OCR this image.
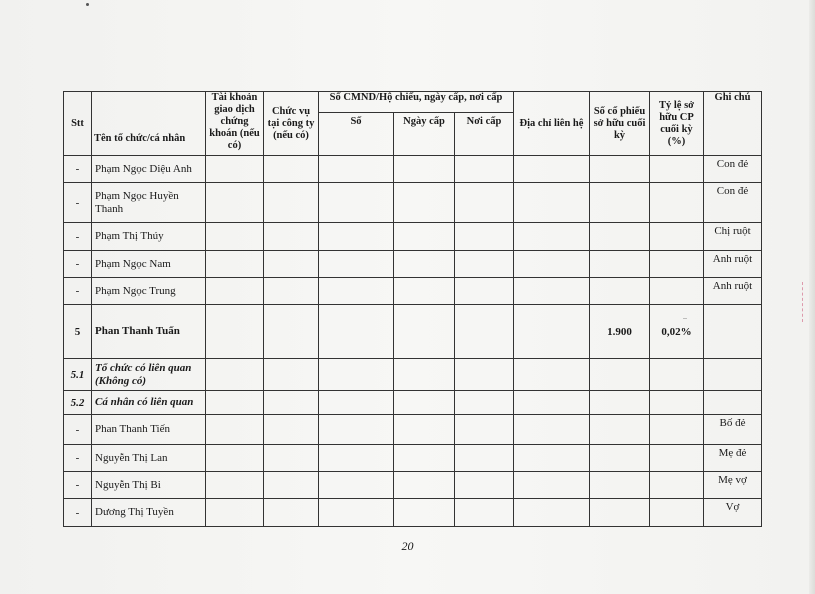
..
Stt	Tên tổ chức/cá nhân	Tài khoản giao dịch chứng khoán (nếu có)	Chức vụ tại công ty (nếu có)	Số CMND/Hộ chiếu, ngày cấp, nơi cấp			Địa chỉ liên hệ	Số cổ phiếu sở hữu cuối kỳ	Tỷ lệ sở hữu CP cuối kỳ (%)	Ghi chú
				Số	Ngày cấp	Nơi cấp				
-	Phạm Ngọc Diệu Anh									Con đẻ
-	Phạm Ngọc Huyền Thanh									Con đẻ
-	Phạm Thị Thúy									Chị ruột
-	Phạm Ngọc Nam									Anh ruột
-	Phạm Ngọc Trung									Anh ruột
5	Phan Thanh Tuấn							1.900	0,02%	
5.1	Tổ chức có liên quan (Không có)									
5.2	Cá nhân có liên quan									
-	Phan Thanh Tiến									Bố đẻ
-	Nguyễn Thị Lan									Mẹ đẻ
-	Nguyễn Thị Bi									Mẹ vợ
-	Dương Thị Tuyền									Vợ
20
